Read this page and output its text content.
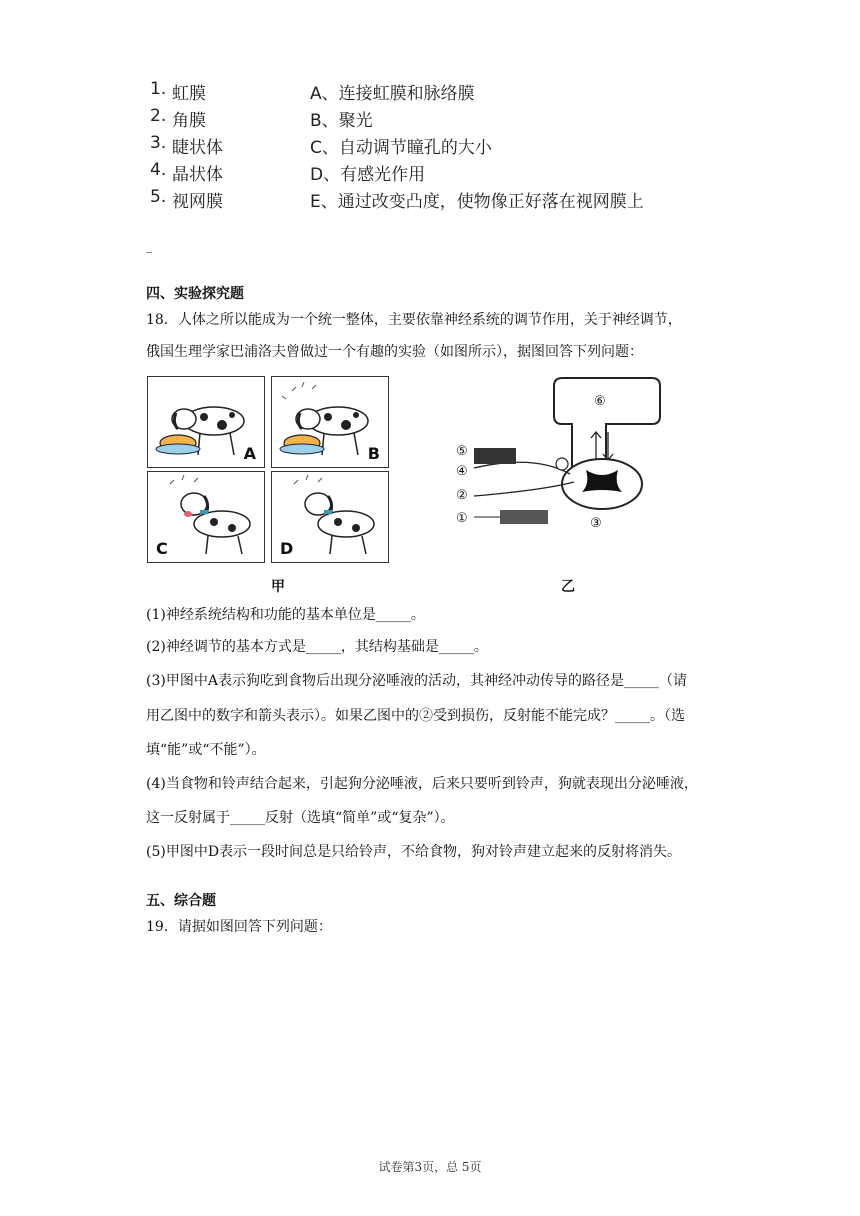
1. 虹膜	A、连接虹膜和脉络膜
2. 角膜	B、聚光
3. 睫状体	C、自动调节瞳孔的大小
4. 晶状体	D、有感光作用
5. 视网膜	E、通过改变凸度，使物像正好落在视网膜上
_
四、实验探究题
18．人体之所以能成为一个统一整体，主要依靠神经系统的调节作用，关于神经调节，
俄国生理学家巴浦洛夫曾做过一个有趣的实验（如图所示），据图回答下列问题：
A	B
C	D
甲
⑤
④
②
①	③
⑥
乙
(1)神经系统结构和功能的基本单位是_____。
(2)神经调节的基本方式是_____，其结构基础是_____。
(3)甲图中A表示狗吃到食物后出现分泌唾液的活动，其神经冲动传导的路径是_____（请
用乙图中的数字和箭头表示）。如果乙图中的②受到损伤，反射能不能完成？_____。（选
填“能”或“不能”）。
(4)当食物和铃声结合起来，引起狗分泌唾液，后来只要听到铃声，狗就表现出分泌唾液，
这一反射属于_____反射（选填“简单”或“复杂”）。
(5)甲图中D表示一段时间总是只给铃声，不给食物，狗对铃声建立起来的反射将消失。
五、综合题
19．请据如图回答下列问题：
试卷第3页，总 5页
